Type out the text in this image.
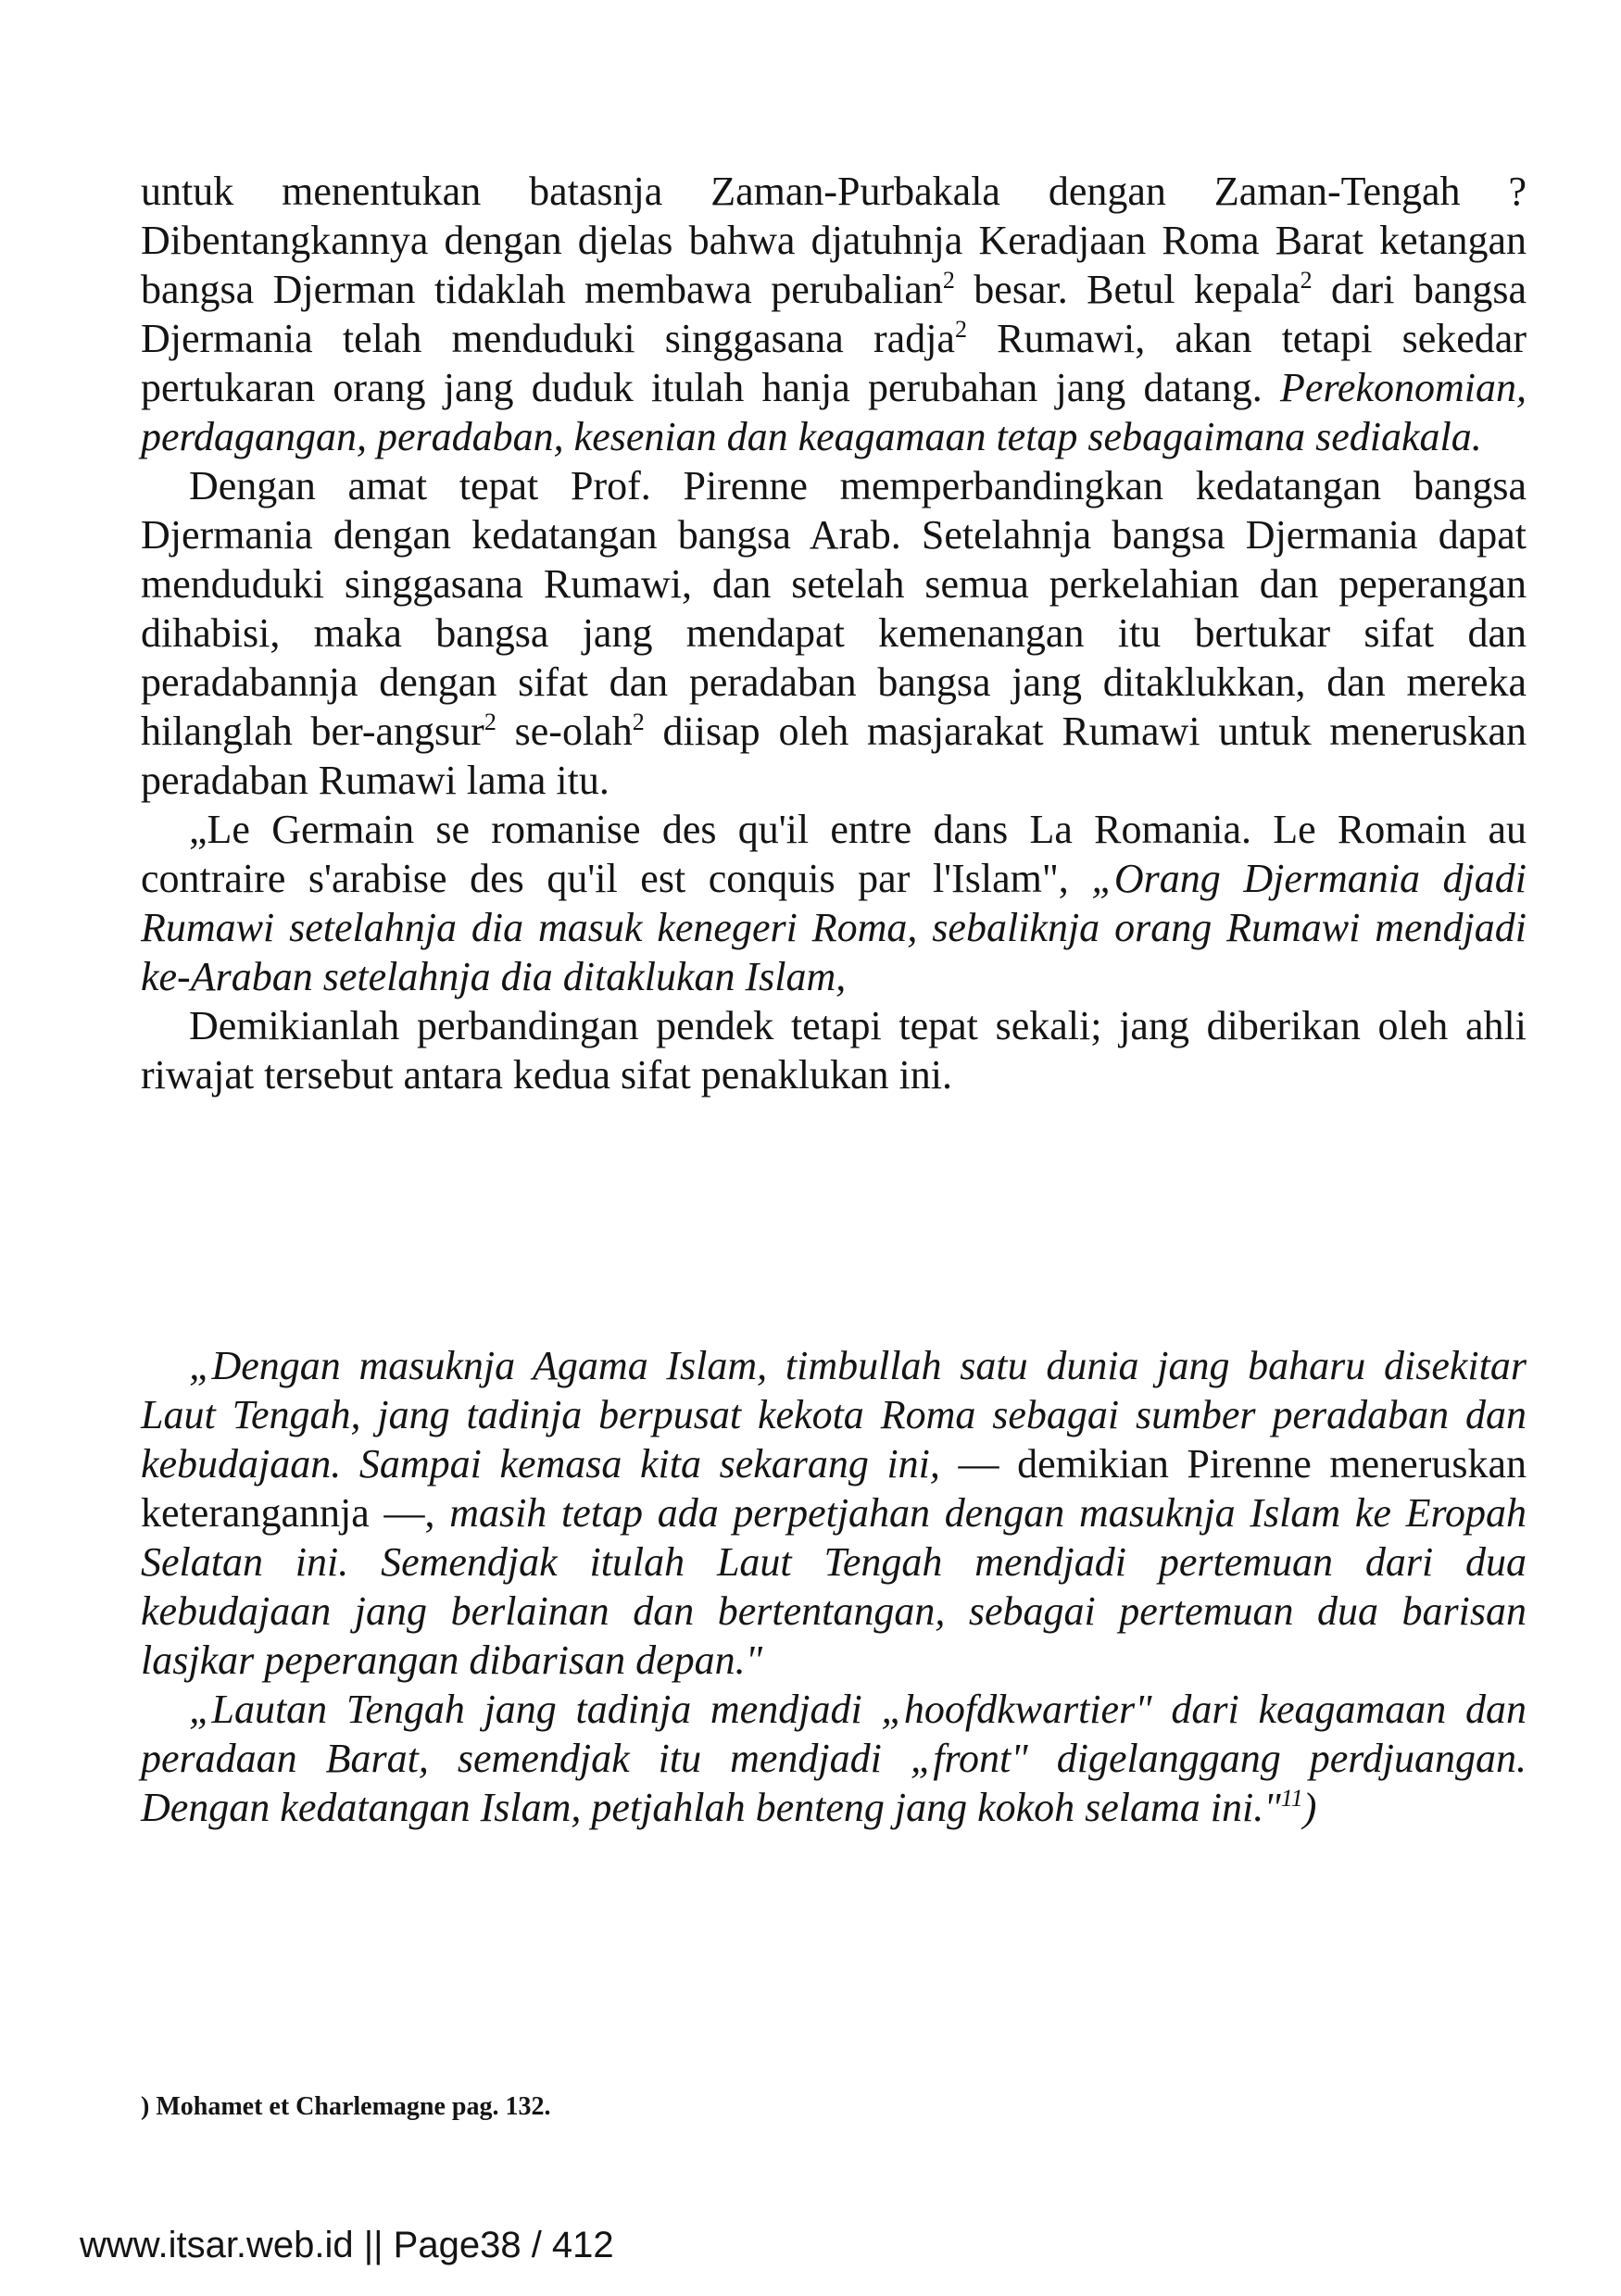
untuk menentukan batasnja Zaman-Purbakala dengan Zaman-Tengah ? Dibentangkannya dengan djelas bahwa djatuhnja Keradjaan Roma Barat ketangan bangsa Djerman tidaklah membawa perubalian$^2$ besar. Betul kepala$^2$ dari bangsa Djermania telah menduduki singgasana radja$^2$ Rumawi, akan tetapi sekedar pertukaran orang jang duduk itulah hanja perubahan jang datang. Perekonomian, perdagangan, peradaban, kesenian dan keagamaan tetap sebagaimana sediakala.

Dengan amat tepat Prof. Pirenne memperbandingkan kedatangan bangsa Djermania dengan kedatangan bangsa Arab. Setelahnja bangsa Djermania dapat menduduki singgasana Rumawi, dan setelah semua perkelahian dan peperangan dihabisi, maka bangsa jang mendapat kemenangan itu bertukar sifat dan peradabannja dengan sifat dan peradaban bangsa jang ditaklukkan, dan mereka hilanglah ber-angsur$^2$ se-olah$^2$ diisap oleh masjarakat Rumawi untuk meneruskan peradaban Rumawi lama itu.

„Le Germain se romanise des qu'il entre dans La Romania. Le Romain au contraire s'arabise des qu'il est conquis par l'Islam", „Orang Djermania djadi Rumawi setelahnja dia masuk kenegeri Roma, sebaliknja orang Rumawi mendjadi ke-Araban setelahnja dia ditaklukan Islam,

Demikianlah perbandingan pendek tetapi tepat sekali; jang diberikan oleh ahli riwajat tersebut antara kedua sifat penaklukan ini.

„Dengan masuknja Agama Islam, timbullah satu dunia jang baharu disekitar Laut Tengah, jang tadinja berpusat kekota Roma sebagai sumber peradaban dan kebudajaan. Sampai kemasa kita sekarang ini, — demikian Pirenne meneruskan keterangannja —, masih tetap ada perpetjahan dengan masuknja Islam ke Eropah Selatan ini. Semendjak itulah Laut Tengah mendjadi pertemuan dari dua kebudajaan jang berlainan dan bertentangan, sebagai pertemuan dua barisan lasjkar peperangan dibarisan depan."

„Lautan Tengah jang tadinja mendjadi „hoofdkwartier" dari keagamaan dan peradaan Barat, semendjak itu mendjadi „front" digelanggang perdjuangan. Dengan kedatangan Islam, petjahlah benteng jang kokoh selama ini."$^{11}$)

) Mohamet et Charlemagne pag. 132.
www.itsar.web.id || Page38 / 412
